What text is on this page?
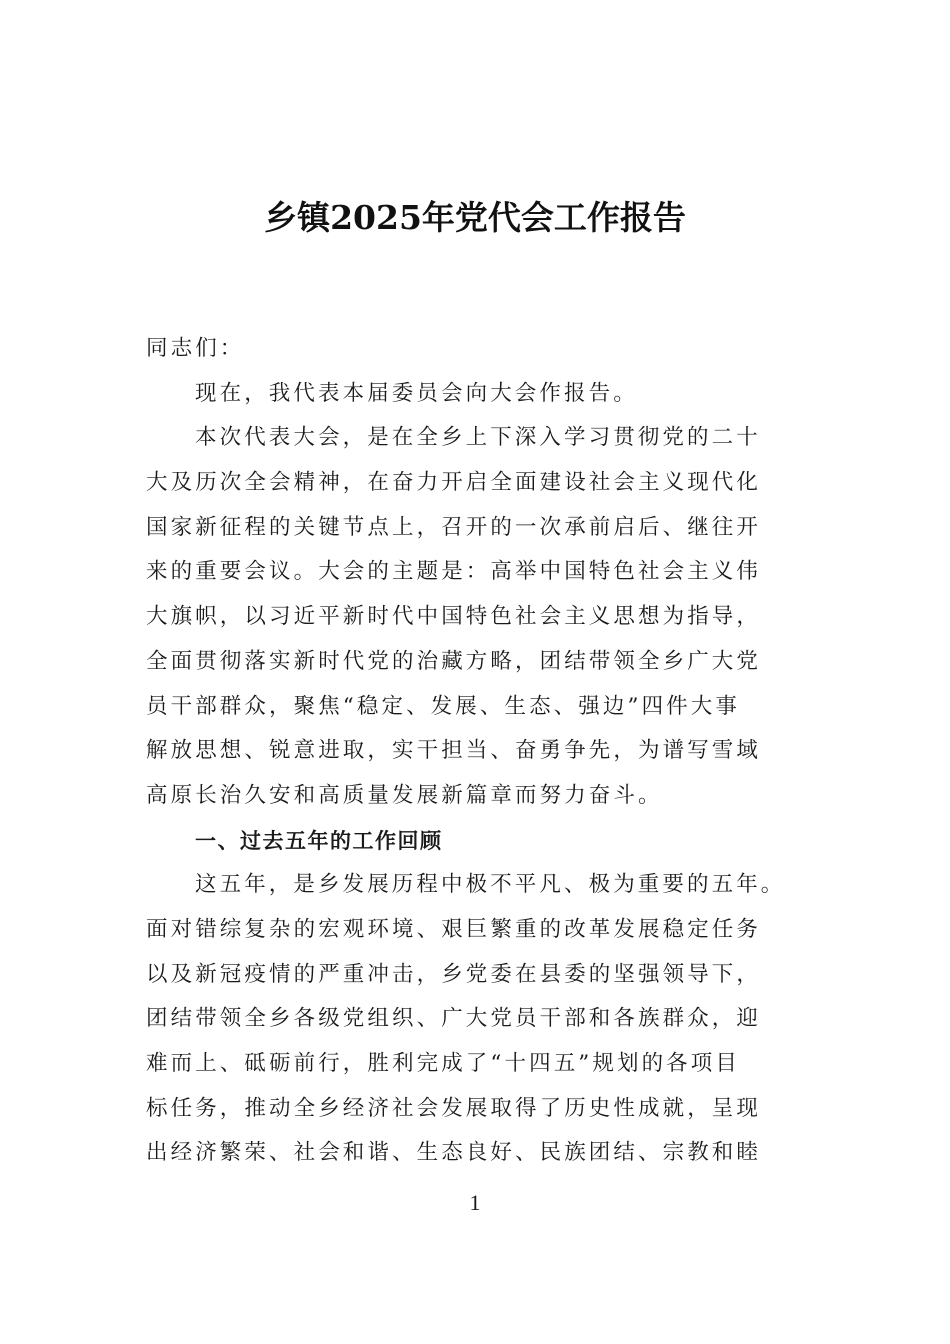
乡镇2025年党代会工作报告
同志们：
现在，我代表本届委员会向大会作报告。
本次代表大会，是在全乡上下深入学习贯彻党的二十
大及历次全会精神，在奋力开启全面建设社会主义现代化
国家新征程的关键节点上，召开的一次承前启后、继往开
来的重要会议。大会的主题是：高举中国特色社会主义伟
大旗帜，以习近平新时代中国特色社会主义思想为指导，
全面贯彻落实新时代党的治藏方略，团结带领全乡广大党
员干部群众，聚焦“稳定、发展、生态、强边”四件大事
解放思想、锐意进取，实干担当、奋勇争先，为谱写雪域
高原长治久安和高质量发展新篇章而努力奋斗。
一、过去五年的工作回顾
这五年，是乡发展历程中极不平凡、极为重要的五年。
面对错综复杂的宏观环境、艰巨繁重的改革发展稳定任务
以及新冠疫情的严重冲击，乡党委在县委的坚强领导下，
团结带领全乡各级党组织、广大党员干部和各族群众，迎
难而上、砥砺前行，胜利完成了“十四五”规划的各项目
标任务，推动全乡经济社会发展取得了历史性成就，呈现
出经济繁荣、社会和谐、生态良好、民族团结、宗教和睦
1
